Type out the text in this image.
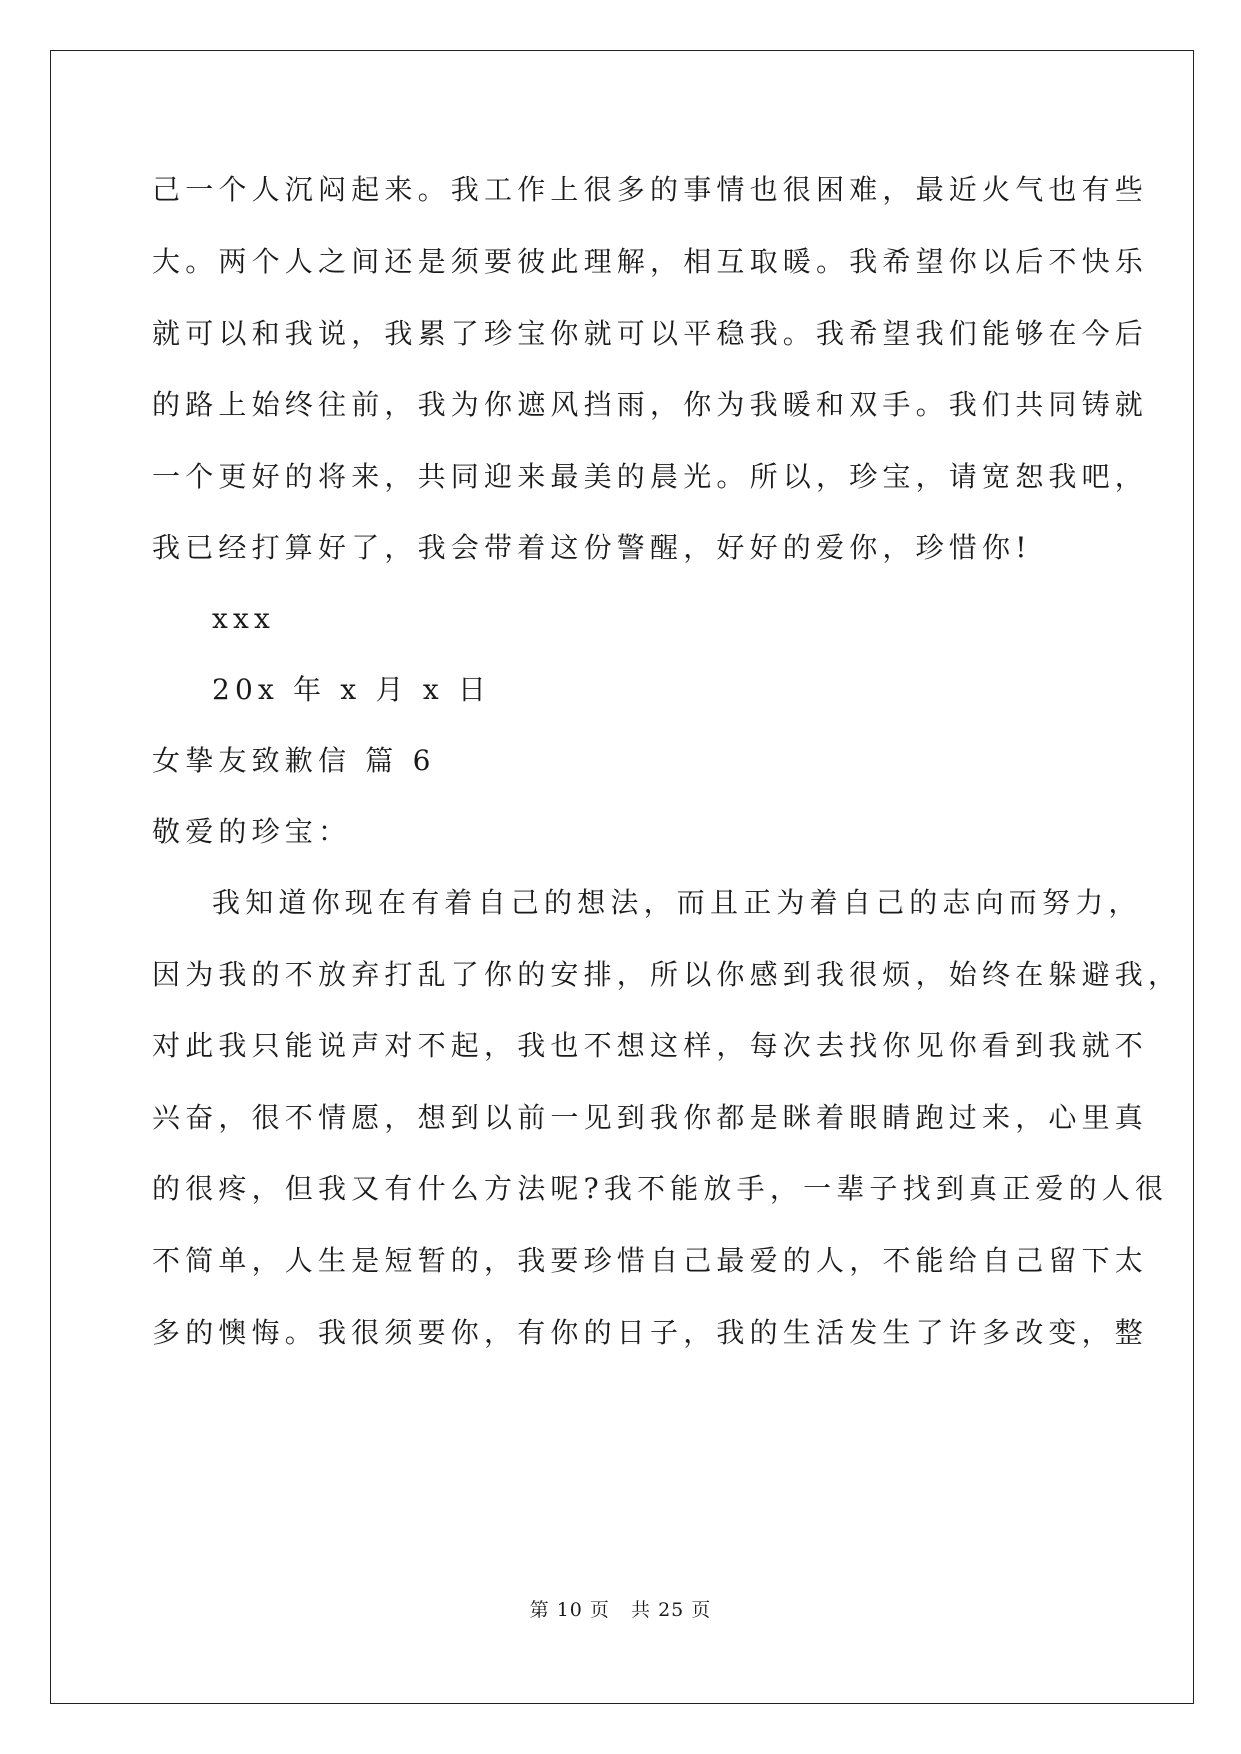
己一个人沉闷起来。我工作上很多的事情也很困难，最近火气也有些
大。两个人之间还是须要彼此理解，相互取暖。我希望你以后不快乐
就可以和我说，我累了珍宝你就可以平稳我。我希望我们能够在今后
的路上始终往前，我为你遮风挡雨，你为我暖和双手。我们共同铸就
一个更好的将来，共同迎来最美的晨光。所以，珍宝，请宽恕我吧，
我已经打算好了，我会带着这份警醒，好好的爱你，珍惜你!
xxx
20x 年 x 月 x 日
女挚友致歉信 篇 6
敬爱的珍宝：
我知道你现在有着自己的想法，而且正为着自己的志向而努力，
因为我的不放弃打乱了你的安排，所以你感到我很烦，始终在躲避我，
对此我只能说声对不起，我也不想这样，每次去找你见你看到我就不
兴奋，很不情愿，想到以前一见到我你都是眯着眼睛跑过来，心里真
的很疼，但我又有什么方法呢?我不能放手，一辈子找到真正爱的人很
不简单，人生是短暂的，我要珍惜自己最爱的人，不能给自己留下太
多的懊悔。我很须要你，有你的日子，我的生活发生了许多改变，整
第 10 页   共 25 页
